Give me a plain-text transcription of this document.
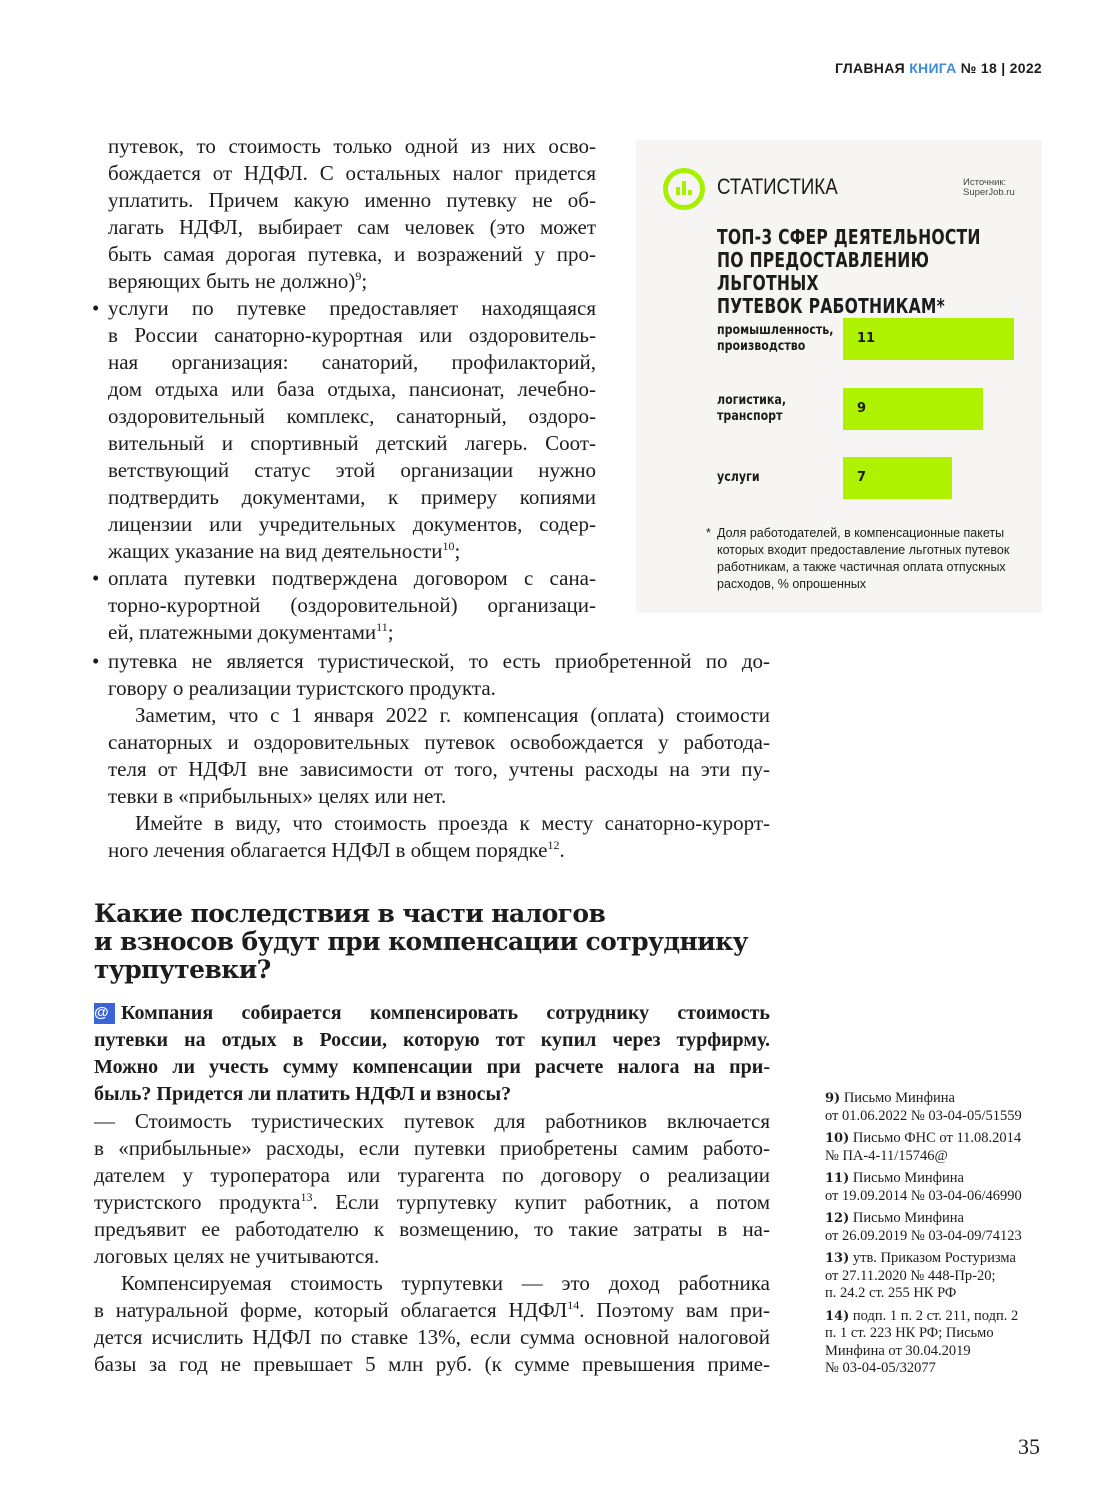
ГЛАВНАЯ КНИГА № 18 | 2022
путевок, то стоимость только одной из них осво-
бождается от НДФЛ. С остальных налог придется
уплатить. Причем какую именно путевку не об-
лагать НДФЛ, выбирает сам человек (это может
быть самая дорогая путевка, и возражений у про-
веряющих быть не должно)$^9$;
• услуги по путевке предоставляет находящаяся
в России санаторно-курортная или оздоровитель-
ная организация: санаторий, профилакторий,
дом отдыха или база отдыха, пансионат, лечебно-
оздоровительный комплекс, санаторный, оздоро-
вительный и спортивный детский лагерь. Соот-
ветствующий статус этой организации нужно
подтвердить документами, к примеру копиями
лицензии или учредительных документов, содер-
жащих указание на вид деятельности$^{10}$;
• оплата путевки подтверждена договором с сана-
торно-курортной (оздоровительной) организаци-
ей, платежными документами$^{11}$;
• путевка не является туристической, то есть приобретенной по до-
говору о реализации туристского продукта.
Заметим, что с 1 января 2022 г. компенсация (оплата) стоимости
санаторных и оздоровительных путевок освобождается у работода-
теля от НДФЛ вне зависимости от того, учтены расходы на эти пу-
тевки в «прибыльных» целях или нет.
Имейте в виду, что стоимость проезда к месту санаторно-курорт-
ного лечения облагается НДФЛ в общем порядке$^{12}$.
Какие последствия в части налогов
и взносов будут при компенсации сотруднику
турпутевки?
@ Компания собирается компенсировать сотруднику стоимость
путевки на отдых в России, которую тот купил через турфирму.
Можно ли учесть сумму компенсации при расчете налога на при-
быль? Придется ли платить НДФЛ и взносы?
— Стоимость туристических путевок для работников включается
в «прибыльные» расходы, если путевки приобретены самим работо-
дателем у туроператора или турагента по договору о реализации
туристского продукта$^{13}$. Если турпутевку купит работник, а потом
предъявит ее работодателю к возмещению, то такие затраты в на-
логовых целях не учитываются.
Компенсируемая стоимость турпутевки — это доход работника
в натуральной форме, который облагается НДФЛ$^{14}$. Поэтому вам при-
дется исчислить НДФЛ по ставке 13%, если сумма основной налоговой
базы за год не превышает 5 млн руб. (к сумме превышения приме-
9) Письмо Минфина
от 01.06.2022 № 03-04-05/51559
10) Письмо ФНС от 11.08.2014
№ ПА-4-11/15746@
11) Письмо Минфина
от 19.09.2014 № 03-04-06/46990
12) Письмо Минфина
от 26.09.2019 № 03-04-09/74123
13) утв. Приказом Ростуризма
от 27.11.2020 № 448-Пр-20;
п. 24.2 ст. 255 НК РФ
14) подп. 1 п. 2 ст. 211, подп. 2
п. 1 ст. 223 НК РФ; Письмо
Минфина от 30.04.2019
№ 03-04-05/32077
35
СТАТИСТИКА	Источник:
SuperJob.ru
ТОП-3 СФЕР ДЕЯТЕЛЬНОСТИ
ПО ПРЕДОСТАВЛЕНИЮ ЛЬГОТНЫХ
ПУТЕВОК РАБОТНИКАМ*
промышленность,
производство
11
логистика,
транспорт
9
услуги	7
* Доля работодателей, в компенсационные пакеты
которых входит предоставление льготных путевок
работникам, а также частичная оплата отпускных
расходов, % опрошенных
